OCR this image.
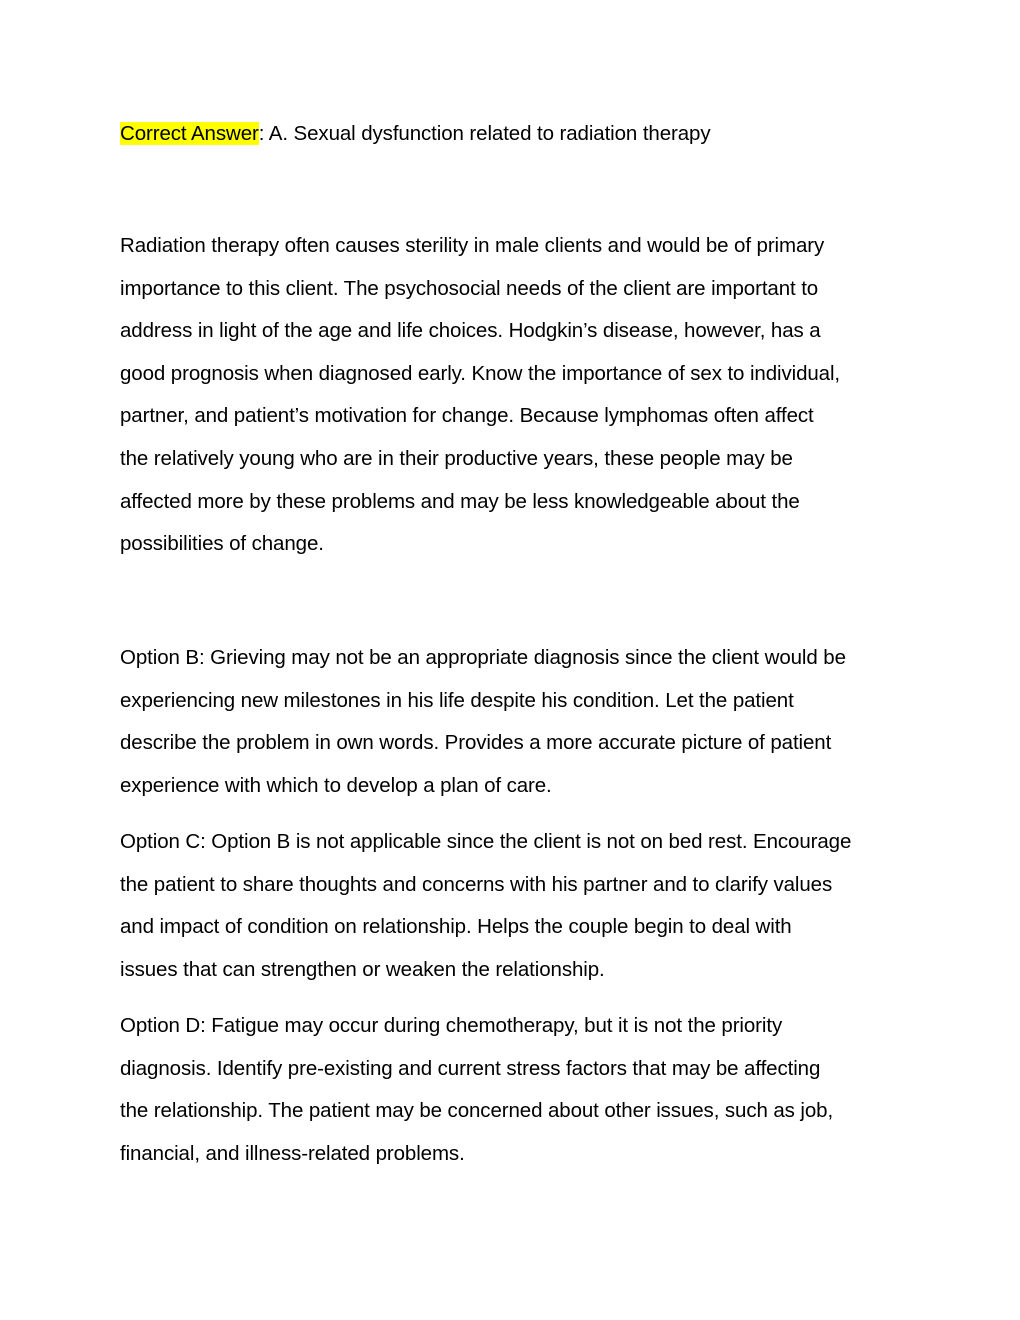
Correct Answer: A. Sexual dysfunction related to radiation therapy
Radiation therapy often causes sterility in male clients and would be of primary
importance to this client. The psychosocial needs of the client are important to
address in light of the age and life choices. Hodgkin’s disease, however, has a
good prognosis when diagnosed early. Know the importance of sex to individual,
partner, and patient’s motivation for change. Because lymphomas often affect
the relatively young who are in their productive years, these people may be
affected more by these problems and may be less knowledgeable about the
possibilities of change.
Option B: Grieving may not be an appropriate diagnosis since the client would be
experiencing new milestones in his life despite his condition. Let the patient
describe the problem in own words. Provides a more accurate picture of patient
experience with which to develop a plan of care.
Option C: Option B is not applicable since the client is not on bed rest. Encourage
the patient to share thoughts and concerns with his partner and to clarify values
and impact of condition on relationship. Helps the couple begin to deal with
issues that can strengthen or weaken the relationship.
Option D: Fatigue may occur during chemotherapy, but it is not the priority
diagnosis. Identify pre-existing and current stress factors that may be affecting
the relationship. The patient may be concerned about other issues, such as job,
financial, and illness-related problems.
